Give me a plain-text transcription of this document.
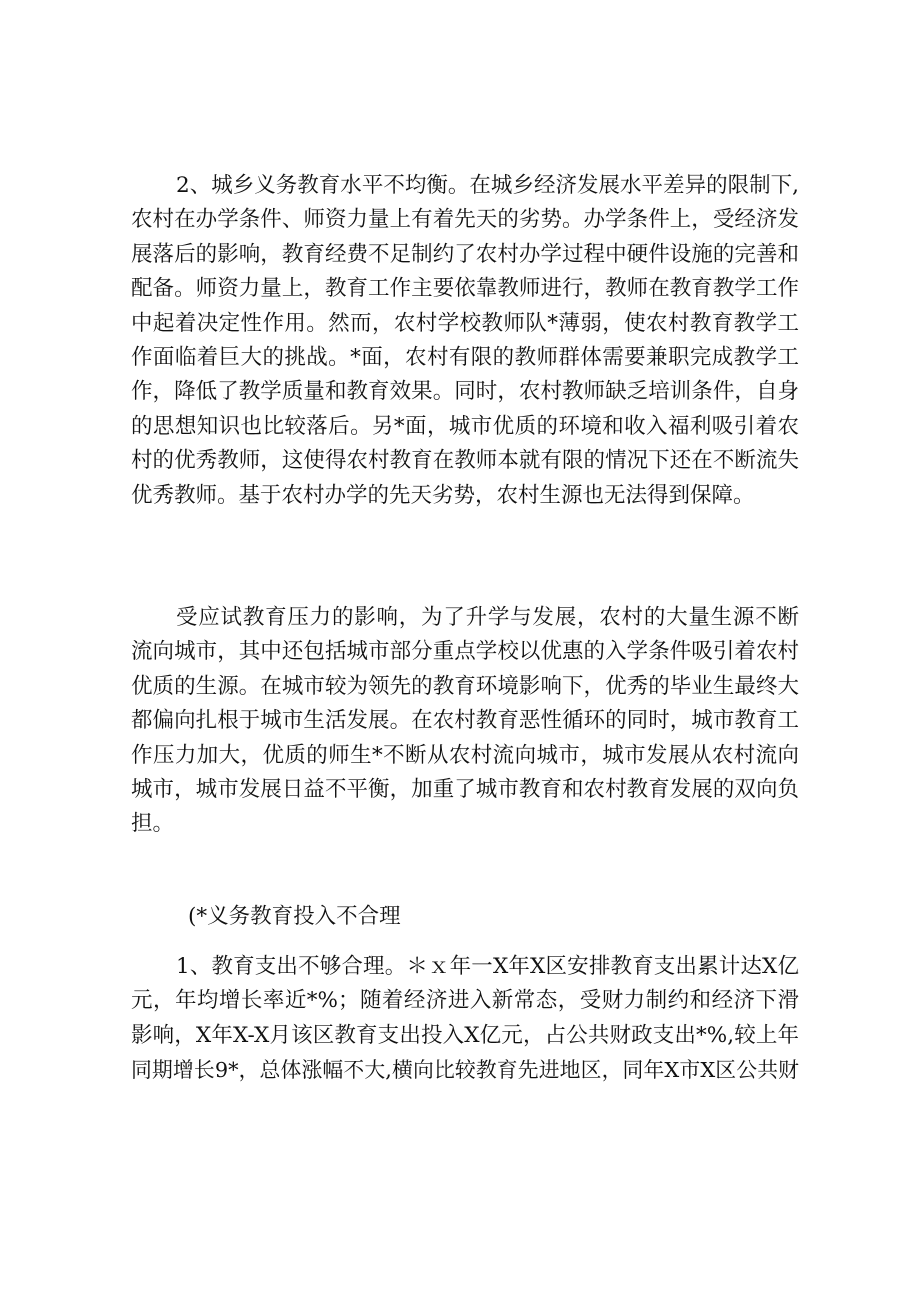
2、城乡义务教育水平不均衡。在城乡经济发展水平差异的限制下,
农村在办学条件、师资力量上有着先天的劣势。办学条件上，受经济发
展落后的影响，教育经费不足制约了农村办学过程中硬件设施的完善和
配备。师资力量上，教育工作主要依靠教师进行，教师在教育教学工作
中起着决定性作用。然而，农村学校教师队*薄弱，使农村教育教学工
作面临着巨大的挑战。*面，农村有限的教师群体需要兼职完成教学工
作，降低了教学质量和教育效果。同时，农村教师缺乏培训条件，自身
的思想知识也比较落后。另*面，城市优质的环境和收入福利吸引着农
村的优秀教师，这使得农村教育在教师本就有限的情况下还在不断流失
优秀教师。基于农村办学的先天劣势，农村生源也无法得到保障。
受应试教育压力的影响，为了升学与发展，农村的大量生源不断
流向城市，其中还包括城市部分重点学校以优惠的入学条件吸引着农村
优质的生源。在城市较为领先的教育环境影响下，优秀的毕业生最终大
都偏向扎根于城市生活发展。在农村教育恶性循环的同时，城市教育工
作压力加大，优质的师生*不断从农村流向城市，城市发展从农村流向
城市，城市发展日益不平衡，加重了城市教育和农村教育发展的双向负
担。
(*义务教育投入不合理
1、教育支出不够合理。＊ｘ年一X年X区安排教育支出累计达X亿
元，年均增长率近*%；随着经济进入新常态，受财力制约和经济下滑
影响，X年X-X月该区教育支出投入X亿元，占公共财政支出*%,较上年
同期增长9*，总体涨幅不大,横向比较教育先进地区，同年X市X区公共财
